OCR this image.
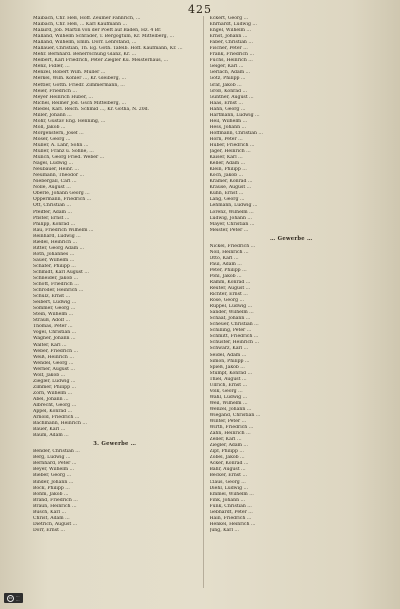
425
Maibach, Chr. Heß, Hoff. Zeumer Fähnrich, …
Maibach, Chr. Heß, … Karl Kaufmann …
Malaird, Job. Martin von der Poeft auf Baden, Hz. 4 Br.
Malland, Wilhelm Schrader, T. Bergogtum, Kr. Mittelberg, …
Malland, Wilhelm, Emm. Dörr. Lehrstand, …
Mallauer, Christian, Th. Eg. Goth. Tafelb. Hoff. Kaufmann, Kr. …
Mehr. Bernhard. Beherrschung Glanz, Kr. …
Melbert, Karl Friedrich, Peter Ziegler Ku. Meisterhaus, …
Menz, Fidler, …
Menzel, Robert Wilh. Müller …
Merkel, Wilh. Köhler …, Kr. Gleiberg, …
Mettler, Gotth. Friedr. Zimmermann, …
Meier, Friedrich …
Meyer Heinrich Huber, …
Michel, Reimer Jod. Gsch Mittelberg, …
Miedel, Karl. Reich. Schmid …, Kr. Gotha, N. 20d.
Miller, Johann …
Mohr, Gustav Eng. Henning, …
Moll, Jakob …
Morgenstern, Josef …
Moser, Georg …
Müller, A. Lahr, Sohn …
Müller, Franz u. Söhne, …
Münch, Georg Fried. Weber …
Nagel, Ludwig …
Neubauer, Heinr. …
Neumann, Theodor …
Niebergall, Carl …
Nölle, August …
Oberle, Johann Georg …
Oppermann, Friedrich …
Ott, Christian …
Pfeiffer, Adam …
Pfister, Ernst …
Philipp, Konrad …
Rau, Friedrich Wilhelm …
Reinhard, Ludwig …
Riedel, Heinrich …
Ritter, Georg Adam …
Roth, Johannes …
Sauer, Wilhelm …
Schäfer, Philipp …
Schmidt, Karl August …
Schneider, Jakob …
Schott, Friedrich …
Schröder, Heinrich …
Schulz, Ernst …
Seibert, Ludwig …
Sommer, Georg …
Stein, Wilhelm …
Strauß, Adolf …
Thomas, Peter …
Vogel, Christian …
Wagner, Johann …
Walter, Karl …
Weber, Friedrich …
Weiß, Heinrich …
Wendel, Georg …
Werner, August …
Wolf, Jakob …
Ziegler, Ludwig …
Zimmer, Philipp …
Zorn, Wilhelm …
Abel, Johann …
Albrecht, Georg …
Appel, Konrad …
Arnold, Friedrich …
Bachmann, Heinrich …
Bauer, Karl …
Baum, Adam …
3. Gewerbe …
Bender, Christian …
Berg, Ludwig …
Bernhard, Peter …
Beyer, Wilhelm …
Bieber, Georg …
Binder, Johann …
Bock, Philipp …
Böhm, Jakob …
Brand, Friedrich …
Braun, Heinrich …
Busch, Karl …
Christ, Adam …
Dietrich, August …
Dörr, Ernst …
Eckert, Georg …
Ehrhardt, Ludwig …
Engel, Wilhelm …
Ernst, Johann …
Faber, Christian …
Fischer, Peter …
Frank, Friedrich …
Fuchs, Heinrich …
Geiger, Karl …
Gerlach, Adam …
Götz, Philipp …
Graf, Jakob …
Groß, Konrad …
Günther, August …
Haas, Ernst …
Hahn, Georg …
Hartmann, Ludwig …
Heil, Wilhelm …
Hess, Johann …
Hoffmann, Christian …
Horn, Peter …
Huber, Friedrich …
Jäger, Heinrich …
Kaiser, Karl …
Keller, Adam …
Klein, Philipp …
Koch, Jakob …
Krämer, Konrad …
Krause, August …
Kuhn, Ernst …
Lang, Georg …
Lehmann, Ludwig …
Lorenz, Wilhelm …
Ludwig, Johann …
Mayer, Christian …
Meister, Peter …
… Gewerbe …
Nickel, Friedrich …
Noll, Heinrich …
Otto, Karl …
Paul, Adam …
Peter, Philipp …
Pohl, Jakob …
Ramm, Konrad …
Reuter, August …
Richter, Ernst …
Rose, Georg …
Ruppel, Ludwig …
Sander, Wilhelm …
Schaaf, Johann …
Scheuer, Christian …
Schilling, Peter …
Schmitt, Friedrich …
Schuster, Heinrich …
Schwarz, Karl …
Seidel, Adam …
Simon, Philipp …
Spieß, Jakob …
Stumpf, Konrad …
Thiel, August …
Ullrich, Ernst …
Volk, Georg …
Wahl, Ludwig …
Weil, Wilhelm …
Wenzel, Johann …
Wiegand, Christian …
Winter, Peter …
Wirth, Friedrich …
Zahn, Heinrich …
Zeller, Karl …
Ziegler, Adam …
Zipf, Philipp …
Zobel, Jakob …
Acker, Konrad …
Bähr, August …
Becker, Ernst …
Claus, Georg …
Diehl, Ludwig …
Emmel, Wilhelm …
Fink, Johann …
Funk, Christian …
Gebhardt, Peter …
Hain, Friedrich …
Henkel, Heinrich …
Jung, Karl …
cc …
…
